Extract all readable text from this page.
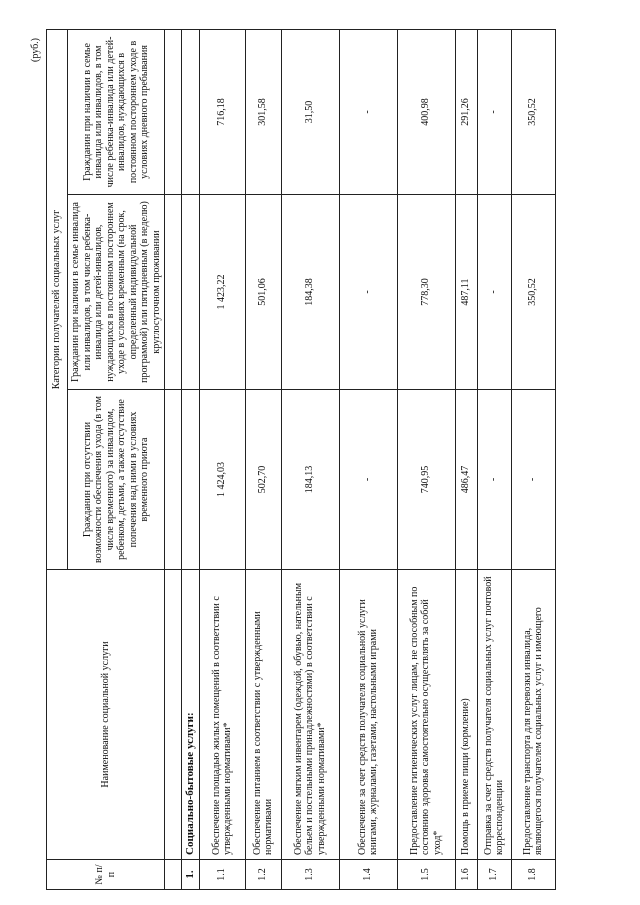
(руб.)
№ п/п	Наименование социальной услуги	Категории получателей социальных услуг		
		Гражданин при отсутствии возможности обеспечения ухода (в том числе временного) за инвалидом, ребенком, детьми, а также отсутствие попечения над ними в условиях временного приюта	Гражданин при наличии в семье инвалида или инвалидов, в том числе ребенка-инвалида или детей-инвалидов, нуждающихся в постоянном постороннем уходе в условиях временным (на срок, определенный индивидуальной программой) или пятидневным (в неделю) круглосуточном проживании	Гражданин при наличии в семье инвалида или инвалидов, в том числе ребенка-инвалида или детей-инвалидов, нуждающихся в постоянном постороннем уходе в условиях дневного пребывания

1.	Социально-бытовые услуги:			
1.1	Обеспечение площадью жилых помещений в соответствии с утвержденными нормативами*	1 424,03	1 423,22	716,18
1.2	Обеспечение питанием в соответствии с утвержденными нормативами	502,70	501,06	301,58
1.3	Обеспечение мягким инвентарем (одеждой, обувью, нательным бельем и постельными принадлежностями) в соответствии с утвержденными нормативами*	184,13	184,38	31,50
1.4	Обеспечение за счет средств получателя социальной услуги книгами, журналами, газетами, настольными играми	-	-	-
1.5	Предоставление гигиенических услуг лицам, не способным по состоянию здоровья самостоятельно осуществлять за собой уход*	740,95	778,30	400,98
1.6	Помощь в приеме пищи (кормление)	486,47	487,11	291,26
1.7	Отправка за счет средств получателя социальных услуг почтовой корреспонденции	-	-	-
1.8	Предоставление транспорта для перевозки инвалида, являющегося получателем социальных услуг и имеющего	-	350,52	350,52
